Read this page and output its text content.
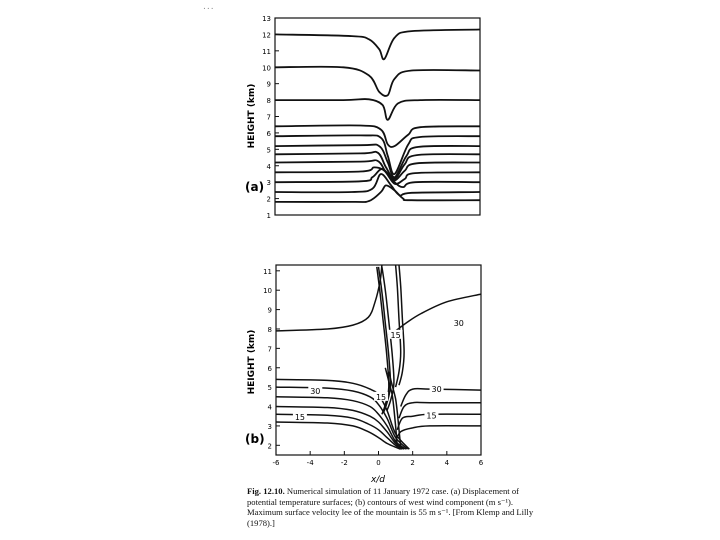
...
HEIGHT (km)
(a)
1
2
3
4
5
6
7
8
9
10
11
12
13
HEIGHT (km)
(b)
x/d
2
3
4
5
6
7
8
9
10
11
-6	-4	-2	0	2	4	6
30
15
30
15
30
15
15
Fig. 12.10. Numerical simulation of 11 January 1972 case. (a) Displacement of potential temperature surfaces; (b) contours of west wind component (m s⁻¹). Maximum surface velocity lee of the mountain is 55 m s⁻¹. [From Klemp and Lilly (1978).]
